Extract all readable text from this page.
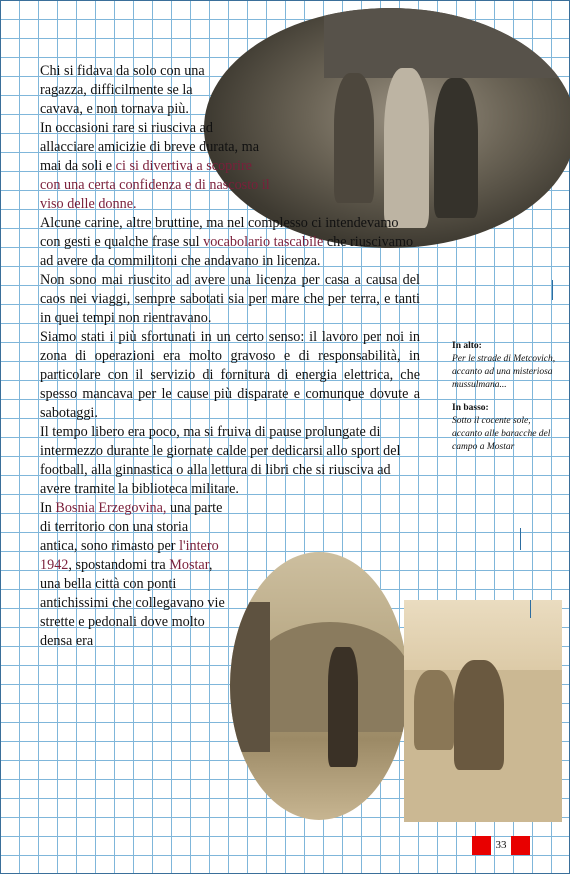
Chi si fidava da solo con una ragazza, difficilmente se la cavava, e non tornava più.

In occasioni rare si riusciva ad allacciare amicizie di breve durata, ma mai da soli e ci si divertiva a scoprire con una certa confidenza e di nascosto il viso delle donne.

Alcune carine, altre bruttine, ma nel complesso ci intendevamo con gesti e qualche frase sul vocabolario tascabile che riuscivamo ad avere da commilitoni che andavano in licenza.

Non sono mai riuscito ad avere una licenza per casa a causa del caos nei viaggi, sempre sabotati sia per mare che per terra, e tanti in quei tempi non rientravano.

Siamo stati i più sfortunati in un certo senso: il lavoro per noi in zona di operazioni era molto gravoso e di responsabilità, in particolare con il servizio di fornitura di energia elettrica, che spesso mancava per le cause più disparate e comunque dovute a sabotaggi.

Il tempo libero era poco, ma si fruiva di pause prolungate di intermezzo durante le giornate calde per dedicarsi allo sport del football, alla ginnastica o alla lettura di libri che si riusciva ad avere tramite la biblioteca militare.

In Bosnia Erzegovina, una parte di territorio con una storia antica, sono rimasto per l'intero 1942, spostandomi tra Mostar, una bella città con ponti antichissimi che collegavano vie strette e pedonali dove molto densa era

In alto:
Per le strade di Metcovich, accanto ad una misteriosa mussulmana...
In basso:
Sotto il cocente sole, accanto alle baracche del campo a Mostar
33
